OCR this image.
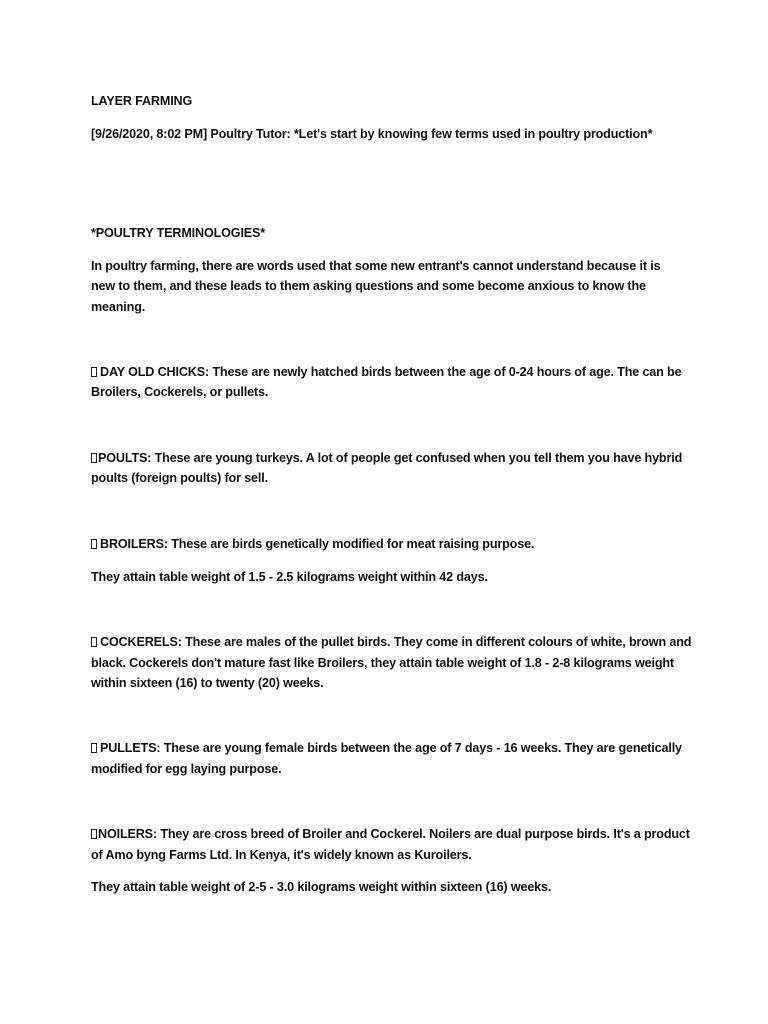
LAYER FARMING
[9/26/2020, 8:02 PM] Poultry Tutor: *Let's start by knowing few terms used in poultry production*
*POULTRY TERMINOLOGIES*
In poultry farming, there are words used that some new entrant's cannot understand because it is
new to them, and these leads to them asking questions and some become anxious to know the
meaning.
DAY OLD CHICKS: These are newly hatched birds between the age of 0-24 hours of age. The can be
Broilers, Cockerels, or pullets.
POULTS: These are young turkeys. A lot of people get confused when you tell them you have hybrid
poults (foreign poults) for sell.
BROILERS: These are birds genetically modified for meat raising purpose.
They attain table weight of 1.5 - 2.5 kilograms weight within 42 days.
COCKERELS: These are males of the pullet birds. They come in different colours of white, brown and
black. Cockerels don't mature fast like Broilers, they attain table weight of 1.8 - 2-8 kilograms weight
within sixteen (16) to twenty (20) weeks.
PULLETS: These are young female birds between the age of 7 days - 16 weeks. They are genetically
modified for egg laying purpose.
NOILERS: They are cross breed of Broiler and Cockerel. Noilers are dual purpose birds. It's a product
of Amo byng Farms Ltd. In Kenya, it's widely known as Kuroilers.
They attain table weight of 2-5 - 3.0 kilograms weight within sixteen (16) weeks.
